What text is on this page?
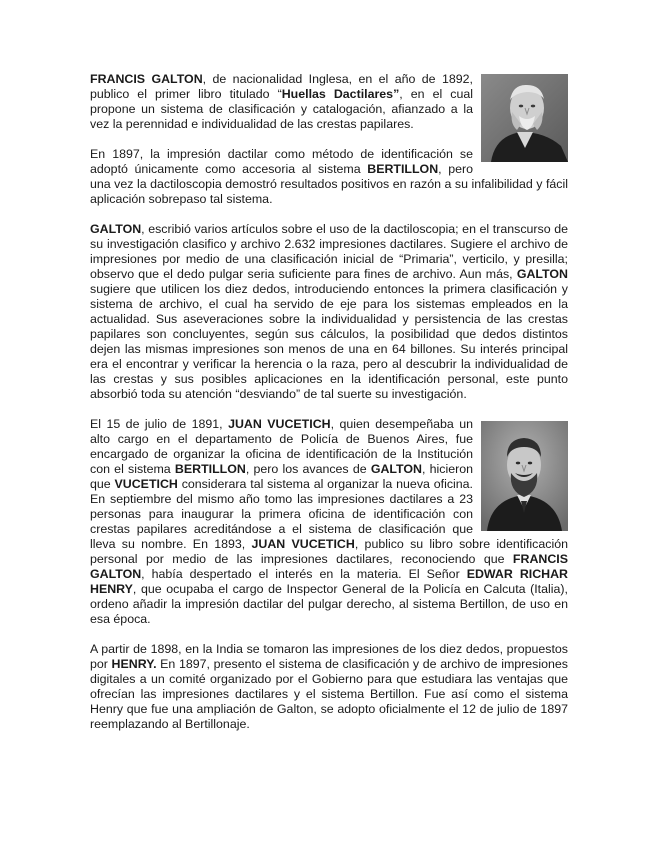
FRANCIS GALTON, de nacionalidad Inglesa, en el año de 1892, publico el primer libro titulado “Huellas Dactilares”, en el cual propone un sistema de clasificación y catalogación, afianzado a la vez la perennidad e individualidad de las crestas papilares.

En 1897, la impresión dactilar como método de identificación se adoptó únicamente como accesoria al sistema BERTILLON, pero una vez la dactiloscopia demostró resultados positivos en razón a su infalibilidad y fácil aplicación sobrepaso tal sistema.

GALTON, escribió varios artículos sobre el uso de la dactiloscopia; en el transcurso de su investigación clasifico y archivo 2.632 impresiones dactilares. Sugiere el archivo de impresiones por medio de una clasificación inicial de “Primaria”, verticilo, y presilla; observo que el dedo pulgar seria suficiente para fines de archivo. Aun más, GALTON sugiere que utilicen los diez dedos, introduciendo entonces la primera clasificación y sistema de archivo, el cual ha servido de eje para los sistemas empleados en la actualidad. Sus aseveraciones sobre la individualidad y persistencia de las crestas papilares son concluyentes, según sus cálculos, la posibilidad que dedos distintos dejen las mismas impresiones son menos de una en 64 billones. Su interés principal era el encontrar y verificar la herencia o la raza, pero al descubrir la individualidad de las crestas y sus posibles aplicaciones en la identificación personal, este punto absorbió toda su atención “desviando” de tal suerte su investigación.

El 15 de julio de 1891, JUAN VUCETICH, quien desempeñaba un alto cargo en el departamento de Policía de Buenos Aires, fue encargado de organizar la oficina de identificación de la Institución con el sistema BERTILLON, pero los avances de GALTON, hicieron que VUCETICH considerara tal sistema al organizar la nueva oficina. En septiembre del mismo año tomo las impresiones dactilares a 23 personas para inaugurar la primera oficina de identificación con crestas papilares acreditándose a el sistema de clasificación que lleva su nombre. En 1893, JUAN VUCETICH, publico su libro sobre identificación personal por medio de las impresiones dactilares, reconociendo que FRANCIS GALTON, había despertado el interés en la materia. El Señor EDWAR RICHAR HENRY, que ocupaba el cargo de Inspector General de la Policía en Calcuta (Italia), ordeno añadir la impresión dactilar del pulgar derecho, al sistema Bertillon, de uso en esa época.

A partir de 1898, en la India se tomaron las impresiones de los diez dedos, propuestos por HENRY. En 1897, presento el sistema de clasificación y de archivo de impresiones digitales a un comité organizado por el Gobierno para que estudiara las ventajas que ofrecían las impresiones dactilares y el sistema Bertillon. Fue así como el sistema Henry que fue una ampliación de Galton, se adopto oficialmente el 12 de julio de 1897 reemplazando al Bertillonaje.
